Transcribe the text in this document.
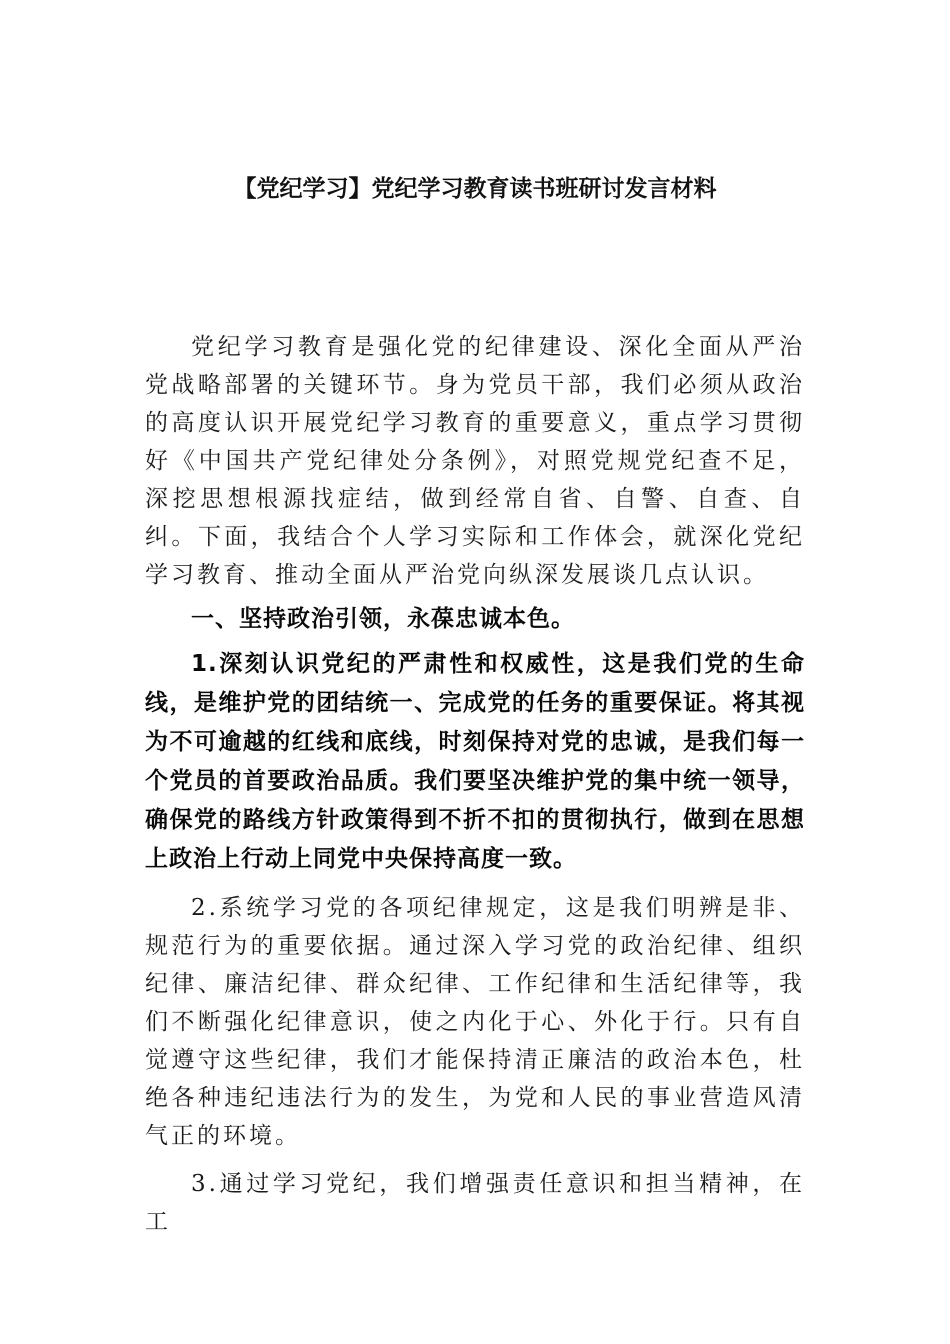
【党纪学习】党纪学习教育读书班研讨发言材料

党纪学习教育是强化党的纪律建设、深化全面从严治党战略部署的关键环节。身为党员干部，我们必须从政治的高度认识开展党纪学习教育的重要意义，重点学习贯彻好《中国共产党纪律处分条例》，对照党规党纪查不足，深挖思想根源找症结，做到经常自省、自警、自查、自纠。下面，我结合个人学习实际和工作体会，就深化党纪学习教育、推动全面从严治党向纵深发展谈几点认识。

一、坚持政治引领，永葆忠诚本色。

1.深刻认识党纪的严肃性和权威性，这是我们党的生命线，是维护党的团结统一、完成党的任务的重要保证。将其视为不可逾越的红线和底线，时刻保持对党的忠诚，是我们每一个党员的首要政治品质。我们要坚决维护党的集中统一领导，确保党的路线方针政策得到不折不扣的贯彻执行，做到在思想上政治上行动上同党中央保持高度一致。

2.系统学习党的各项纪律规定，这是我们明辨是非、规范行为的重要依据。通过深入学习党的政治纪律、组织纪律、廉洁纪律、群众纪律、工作纪律和生活纪律等，我们不断强化纪律意识，使之内化于心、外化于行。只有自觉遵守这些纪律，我们才能保持清正廉洁的政治本色，杜绝各种违纪违法行为的发生，为党和人民的事业营造风清气正的环境。

3.通过学习党纪，我们增强责任意识和担当精神，在工
